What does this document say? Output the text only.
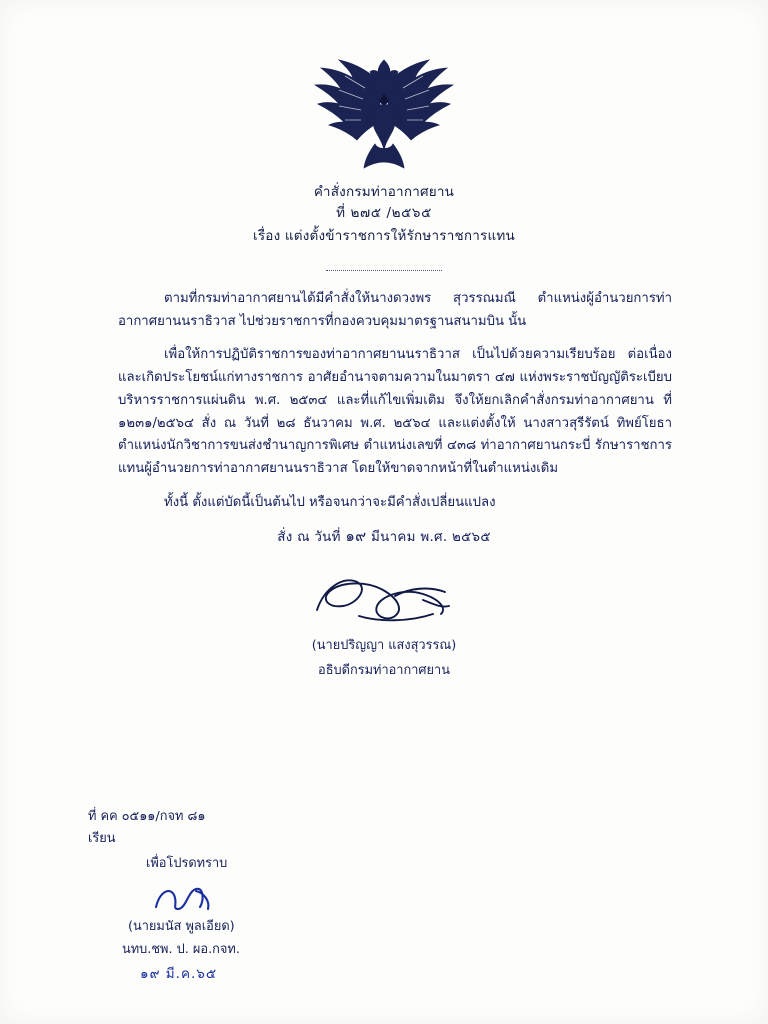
คำสั่งกรมท่าอากาศยาน
ที่ ๒๗๕ /๒๕๖๕
เรื่อง แต่งตั้งข้าราชการให้รักษาราชการแทน

ตามที่กรมท่าอากาศยานได้มีคำสั่งให้นางดวงพร สุวรรณมณี ตำแหน่งผู้อำนวยการท่าอากาศยานนราธิวาส ไปช่วยราชการที่กองควบคุมมาตรฐานสนามบิน นั้น

เพื่อให้การปฏิบัติราชการของท่าอากาศยานนราธิวาส เป็นไปด้วยความเรียบร้อย ต่อเนื่องและเกิดประโยชน์แก่ทางราชการ อาศัยอำนาจตามความในมาตรา ๔๗ แห่งพระราชบัญญัติระเบียบบริหารราชการแผ่นดิน พ.ศ. ๒๕๓๔ และที่แก้ไขเพิ่มเติม จึงให้ยกเลิกคำสั่งกรมท่าอากาศยาน ที่ ๑๒๓๑/๒๕๖๔ สั่ง ณ วันที่ ๒๘ ธันวาคม พ.ศ. ๒๕๖๔ และแต่งตั้งให้ นางสาวสุรีรัตน์ ทิพย์โยธา ตำแหน่งนักวิชาการขนส่งชำนาญการพิเศษ ตำแหน่งเลขที่ ๔๓๘ ท่าอากาศยานกระบี่ รักษาราชการแทนผู้อำนวยการท่าอากาศยานนราธิวาส โดยให้ขาดจากหน้าที่ในตำแหน่งเดิม

ทั้งนี้ ตั้งแต่บัดนี้เป็นต้นไป หรือจนกว่าจะมีคำสั่งเปลี่ยนแปลง

สั่ง ณ วันที่ ๑๙ มีนาคม พ.ศ. ๒๕๖๕
(นายปริญญา แสงสุวรรณ)
อธิบดีกรมท่าอากาศยาน
ที่ คค ๐๕๑๑/กจท ๘๑
เรียน
เพื่อโปรดทราบ
(นายมนัส พูลเอียด)
นทบ.ชพ. ป. ผอ.กจท.
๑๙ มี.ค.๖๕
